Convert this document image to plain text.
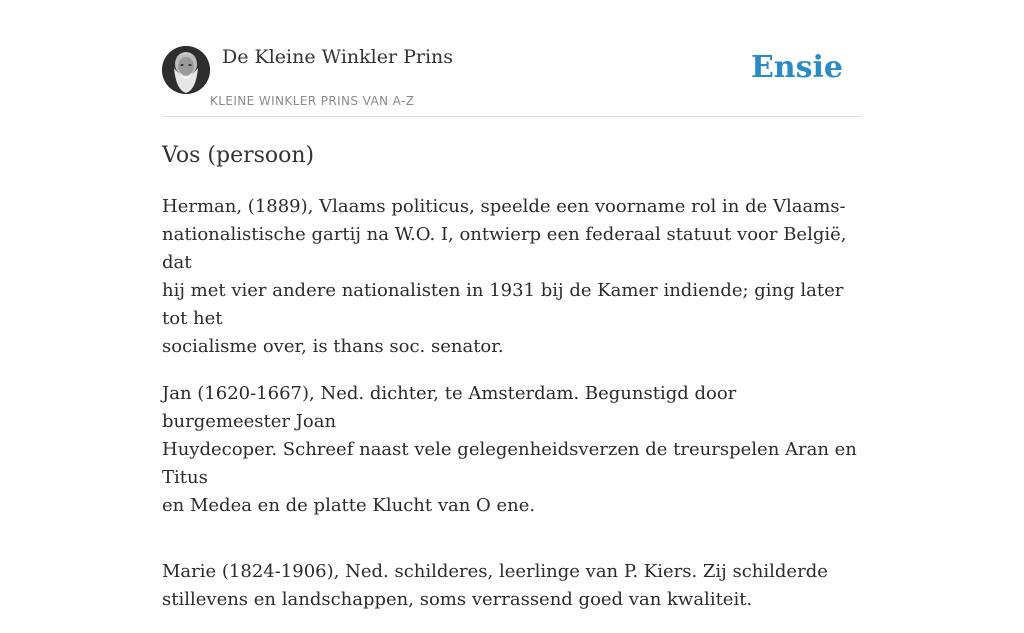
De Kleine Winkler Prins
KLEINE WINKLER PRINS VAN A-Z
Ensie
Vos (persoon)

Herman, (1889), Vlaams politicus, speelde een voorname rol in de Vlaams-
nationalistische gartij na W.O. I, ontwierp een federaal statuut voor België, dat
hij met vier andere nationalisten in 1931 bij de Kamer indiende; ging later tot het
socialisme over, is thans soc. senator.

Jan (1620-1667), Ned. dichter, te Amsterdam. Begunstigd door burgemeester Joan
Huydecoper. Schreef naast vele gelegenheidsverzen de treurspelen Aran en Titus
en Medea en de platte Klucht van O ene.

Marie (1824-1906), Ned. schilderes, leerlinge van P. Kiers. Zij schilderde
stillevens en landschappen, soms verrassend goed van kwaliteit.
